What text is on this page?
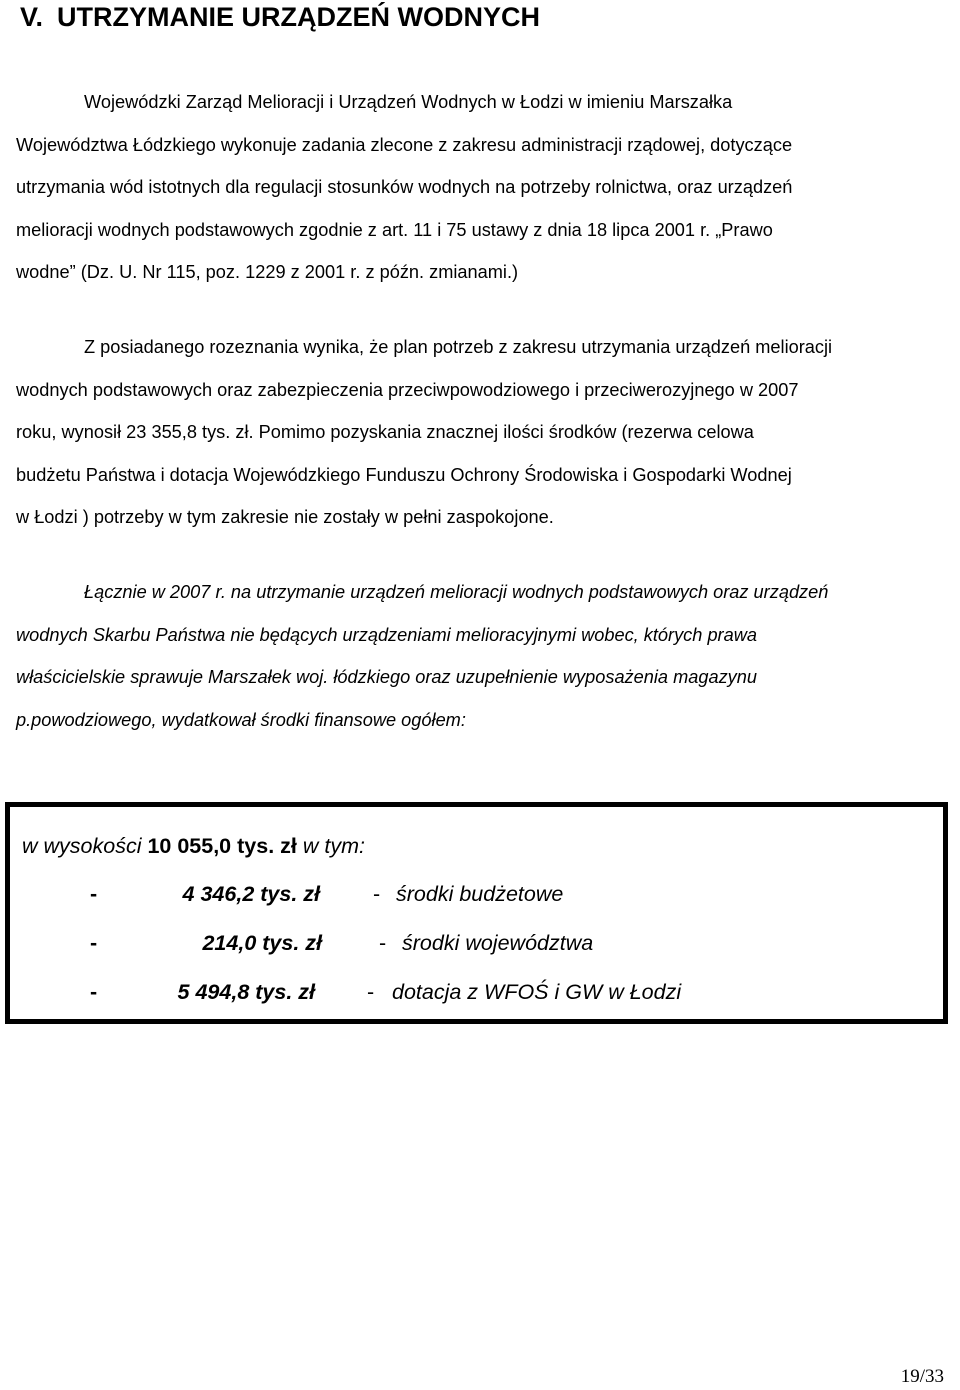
V. UTRZYMANIE URZĄDZEŃ WODNYCH

Wojewódzki Zarząd Melioracji i Urządzeń Wodnych w Łodzi w imieniu Marszałka
Województwa Łódzkiego wykonuje zadania zlecone z zakresu administracji rządowej, dotyczące
utrzymania wód istotnych dla regulacji stosunków wodnych na potrzeby rolnictwa, oraz urządzeń
melioracji wodnych podstawowych zgodnie z art. 11 i 75 ustawy z dnia 18 lipca 2001 r. „Prawo
wodne” (Dz. U. Nr 115, poz. 1229 z 2001 r. z późn. zmianami.)

Z posiadanego rozeznania wynika, że plan potrzeb z zakresu utrzymania urządzeń melioracji
wodnych podstawowych oraz zabezpieczenia przeciwpowodziowego i przeciwerozyjnego w 2007
roku, wynosił 23 355,8 tys. zł. Pomimo pozyskania znacznej ilości środków (rezerwa celowa
budżetu Państwa i dotacja Wojewódzkiego Funduszu Ochrony Środowiska i Gospodarki Wodnej
w Łodzi ) potrzeby w tym zakresie nie zostały w pełni zaspokojone.

Łącznie w 2007 r. na utrzymanie urządzeń melioracji wodnych podstawowych oraz urządzeń
wodnych Skarbu Państwa nie będących urządzeniami melioracyjnymi wobec, których prawa
właścicielskie sprawuje Marszałek woj. łódzkiego oraz uzupełnienie wyposażenia magazynu
p.powodziowego, wydatkował środki finansowe ogółem:

w wysokości 10 055,0 tys. zł w tym:
-	4 346,2 tys. zł - środki budżetowe
-	214,0 tys. zł	- środki województwa
-	5 494,8 tys. zł - dotacja z WFOŚ i GW w Łodzi
19/33
